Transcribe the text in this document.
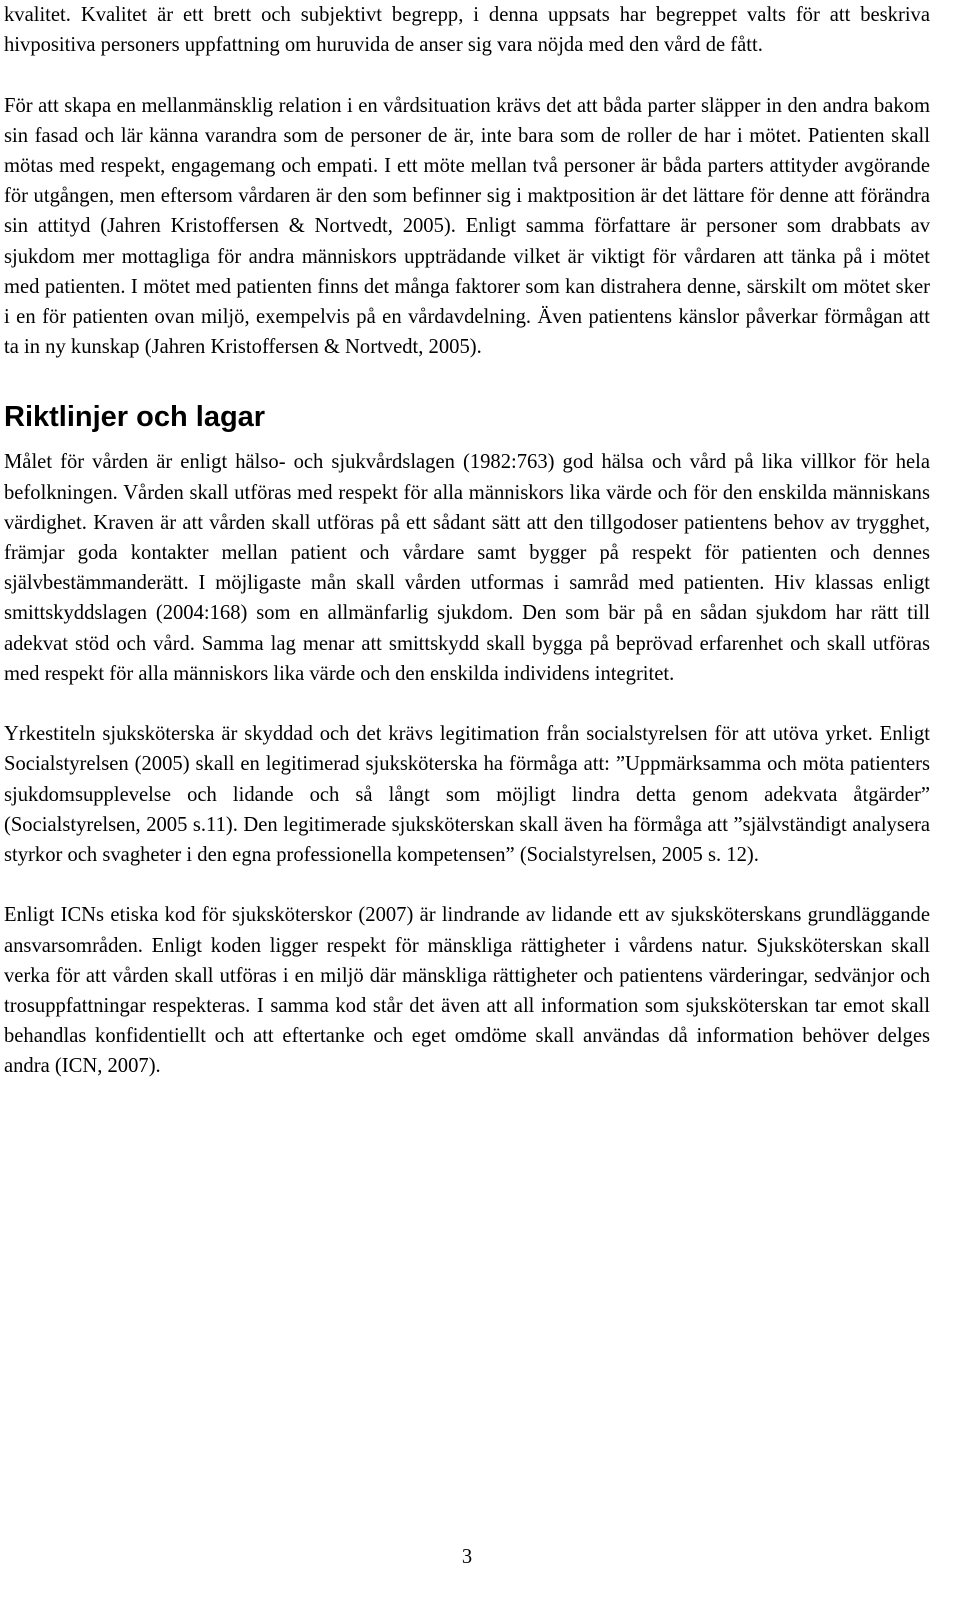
kvalitet. Kvalitet är ett brett och subjektivt begrepp, i denna uppsats har begreppet valts för att beskriva hivpositiva personers uppfattning om huruvida de anser sig vara nöjda med den vård de fått.

För att skapa en mellanmänsklig relation i en vårdsituation krävs det att båda parter släpper in den andra bakom sin fasad och lär känna varandra som de personer de är, inte bara som de roller de har i mötet. Patienten skall mötas med respekt, engagemang och empati. I ett möte mellan två personer är båda parters attityder avgörande för utgången, men eftersom vårdaren är den som befinner sig i maktposition är det lättare för denne att förändra sin attityd (Jahren Kristoffersen & Nortvedt, 2005). Enligt samma författare är personer som drabbats av sjukdom mer mottagliga för andra människors uppträdande vilket är viktigt för vårdaren att tänka på i mötet med patienten. I mötet med patienten finns det många faktorer som kan distrahera denne, särskilt om mötet sker i en för patienten ovan miljö, exempelvis på en vårdavdelning. Även patientens känslor påverkar förmågan att ta in ny kunskap (Jahren Kristoffersen & Nortvedt, 2005).

Riktlinjer och lagar

Målet för vården är enligt hälso- och sjukvårdslagen (1982:763) god hälsa och vård på lika villkor för hela befolkningen. Vården skall utföras med respekt för alla människors lika värde och för den enskilda människans värdighet. Kraven är att vården skall utföras på ett sådant sätt att den tillgodoser patientens behov av trygghet, främjar goda kontakter mellan patient och vårdare samt bygger på respekt för patienten och dennes självbestämmanderätt. I möjligaste mån skall vården utformas i samråd med patienten. Hiv klassas enligt smittskyddslagen (2004:168) som en allmänfarlig sjukdom. Den som bär på en sådan sjukdom har rätt till adekvat stöd och vård. Samma lag menar att smittskydd skall bygga på beprövad erfarenhet och skall utföras med respekt för alla människors lika värde och den enskilda individens integritet.

Yrkestiteln sjuksköterska är skyddad och det krävs legitimation från socialstyrelsen för att utöva yrket. Enligt Socialstyrelsen (2005) skall en legitimerad sjuksköterska ha förmåga att: ”Uppmärksamma och möta patienters sjukdomsupplevelse och lidande och så långt som möjligt lindra detta genom adekvata åtgärder” (Socialstyrelsen, 2005 s.11). Den legitimerade sjuksköterskan skall även ha förmåga att ”självständigt analysera styrkor och svagheter i den egna professionella kompetensen” (Socialstyrelsen, 2005 s. 12).

Enligt ICNs etiska kod för sjuksköterskor (2007) är lindrande av lidande ett av sjuksköterskans grundläggande ansvarsområden. Enligt koden ligger respekt för mänskliga rättigheter i vårdens natur. Sjuksköterskan skall verka för att vården skall utföras i en miljö där mänskliga rättigheter och patientens värderingar, sedvänjor och trosuppfattningar respekteras. I samma kod står det även att all information som sjuksköterskan tar emot skall behandlas konfidentiellt och att eftertanke och eget omdöme skall användas då information behöver delges andra (ICN, 2007).

3
